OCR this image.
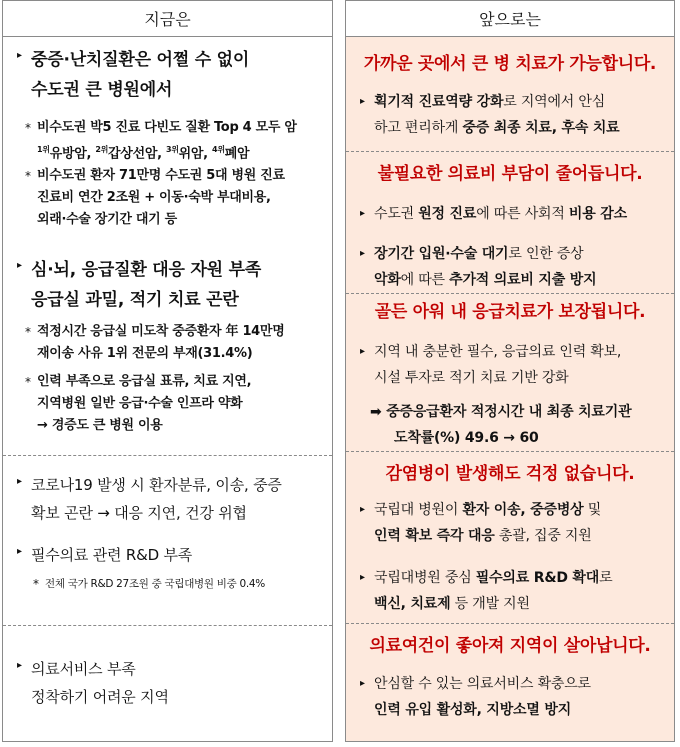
지금은
▸ 중증·난치질환은 어쩔 수 없이
수도권 큰 병원에서
* 비수도권 박5 진료 다빈도 질환 Top 4 모두 암
$^{1위}$유방암, $^{2위}$갑상선암, $^{3위}$위암, $^{4위}$폐암
* 비수도권 환자 71만명 수도권 5대 병원 진료
진료비 연간 2조원 + 이동·숙박 부대비용,
외래·수술 장기간 대기 등
▸ 심·뇌, 응급질환 대응 자원 부족
응급실 과밀, 적기 치료 곤란
* 적정시간 응급실 미도착 중증환자 年 14만명
재이송 사유 1위 전문의 부재(31.4%)
* 인력 부족으로 응급실 표류, 치료 지연,
지역병원 일반 응급·수술 인프라 약화
→ 경증도 큰 병원 이용
▸ 코로나19 발생 시 환자분류, 이송, 중증
확보 곤란 → 대응 지연, 건강 위협
▸ 필수의료 관련 R&D 부족
* 전체 국가 R&D 27조원 중 국립대병원 비중 0.4%
▸ 의료서비스 부족
정착하기 어려운 지역
앞으로는
가까운 곳에서 큰 병 치료가 가능합니다.
▸ 획기적 진료역량 강화로 지역에서 안심
하고 편리하게 중증 최종 치료, 후속 치료
불필요한 의료비 부담이 줄어듭니다.
▸ 수도권 원정 진료에 따른 사회적 비용 감소
▸ 장기간 입원·수술 대기로 인한 증상
악화에 따른 추가적 의료비 지출 방지
골든 아워 내 응급치료가 보장됩니다.
▸ 지역 내 충분한 필수, 응급의료 인력 확보,
시설 투자로 적기 치료 기반 강화
➡ 중증응급환자 적정시간 내 최종 치료기관
도착률(%) 49.6 → 60
감염병이 발생해도 걱정 없습니다.
▸ 국립대 병원이 환자 이송, 중증병상 및
인력 확보 즉각 대응 총괄, 집중 지원
▸ 국립대병원 중심 필수의료 R&D 확대로
백신, 치료제 등 개발 지원
의료여건이 좋아져 지역이 살아납니다.
▸ 안심할 수 있는 의료서비스 확충으로
인력 유입 활성화, 지방소멸 방지
